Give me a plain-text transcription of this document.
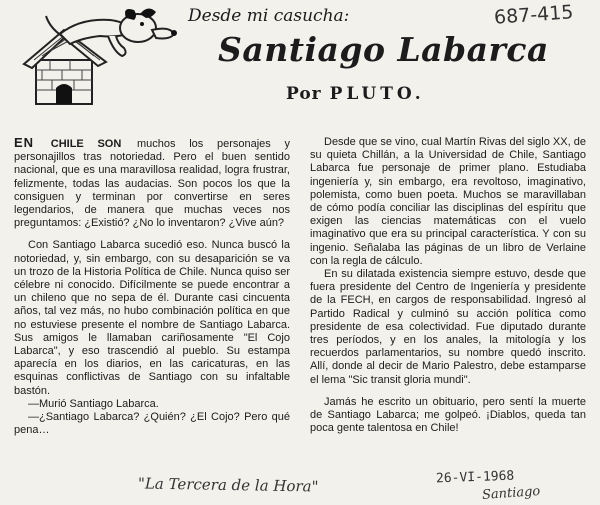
Desde mi casucha:
Santiago Labarca
Por PLUTO.
687-415

EN CHILE SON muchos los personajes y personajillos tras notoriedad. Pero el buen sentido nacional, que es una maravillosa realidad, logra frustrar, felizmente, todas las audacias. Son pocos los que la consiguen y terminan por convertirse en seres legendarios, de manera que muchas veces nos preguntamos: ¿Existió? ¿No lo inventaron? ¿Vive aún?

Con Santiago Labarca sucedió eso. Nunca buscó la notoriedad, y, sin embargo, con su desaparición se va un trozo de la Historia Política de Chile. Nunca quiso ser célebre ni conocido. Difícilmente se puede encontrar a un chileno que no sepa de él. Durante casi cincuenta años, tal vez más, no hubo combinación política en que no estuviese presente el nombre de Santiago Labarca. Sus amigos le llamaban cariñosamente "El Cojo Labarca", y eso trascendió al pueblo. Su estampa aparecía en los diarios, en las caricaturas, en las esquinas conflictivas de Santiago con su infaltable bastón.

—Murió Santiago Labarca.

—¿Santiago Labarca? ¿Quién? ¿El Cojo? Pero qué pena…

Desde que se vino, cual Martín Rivas del siglo XX, de su quieta Chillán, a la Universidad de Chile, Santiago Labarca fue personaje de primer plano. Estudiaba ingeniería y, sin embargo, era revoltoso, imaginativo, polemista, como buen poeta. Muchos se maravillaban de cómo podía conciliar las disciplinas del espíritu que exigen las ciencias matemáticas con el vuelo imaginativo que era su principal característica. Y con su ingenio. Señalaba las páginas de un libro de Verlaine con la regla de cálculo.

En su dilatada existencia siempre estuvo, desde que fuera presidente del Centro de Ingeniería y presidente de la FECH, en cargos de responsabilidad. Ingresó al Partido Radical y culminó su acción política como presidente de esa colectividad. Fue diputado durante tres períodos, y en los anales, la mitología y los recuerdos parlamentarios, su nombre quedó inscrito. Allí, donde al decir de Mario Palestro, debe estamparse el lema "Sic transit gloria mundi".

Jamás he escrito un obituario, pero sentí la muerte de Santiago Labarca; me golpeó. ¡Diablos, queda tan poca gente talentosa en Chile!

"La Tercera de la Hora"	26-VI-1968
Santiago
